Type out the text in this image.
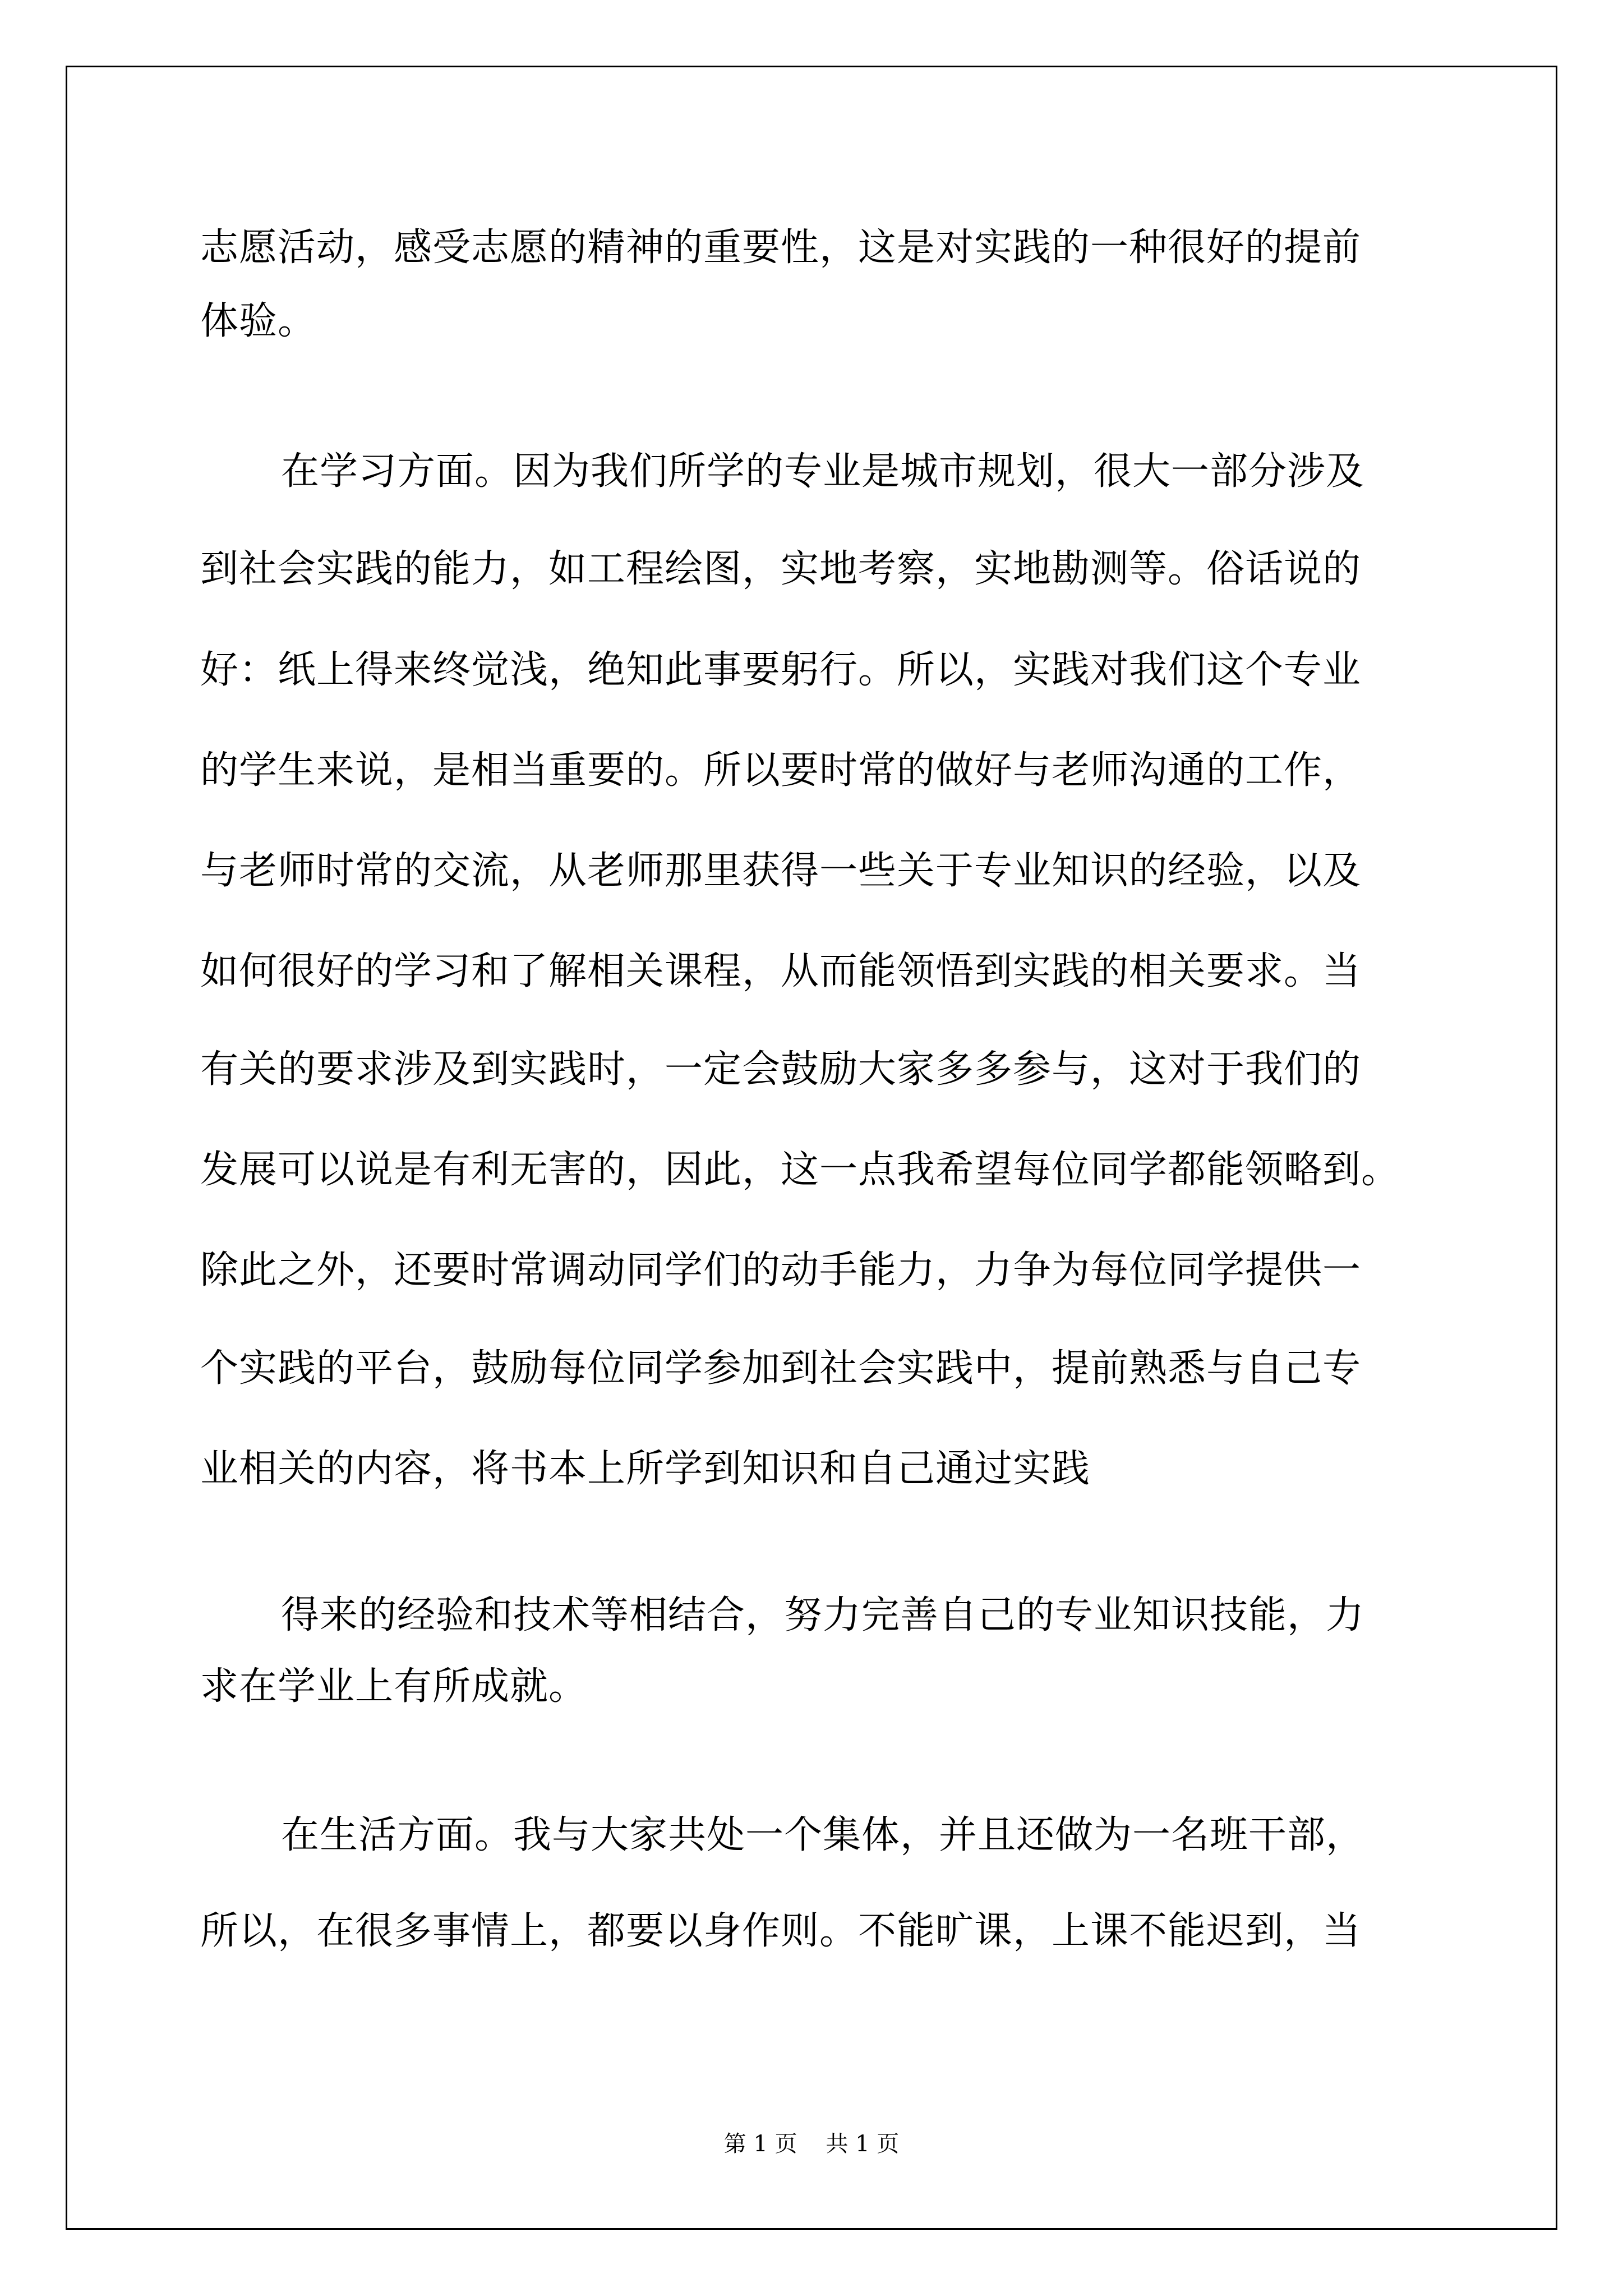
志愿活动，感受志愿的精神的重要性，这是对实践的一种很好的提前
体验。
在学习方面。因为我们所学的专业是城市规划，很大一部分涉及
到社会实践的能力，如工程绘图，实地考察，实地勘测等。俗话说的
好：纸上得来终觉浅，绝知此事要躬行。所以，实践对我们这个专业
的学生来说，是相当重要的。所以要时常的做好与老师沟通的工作，
与老师时常的交流，从老师那里获得一些关于专业知识的经验，以及
如何很好的学习和了解相关课程，从而能领悟到实践的相关要求。当
有关的要求涉及到实践时，一定会鼓励大家多多参与，这对于我们的
发展可以说是有利无害的，因此，这一点我希望每位同学都能领略到。
除此之外，还要时常调动同学们的动手能力，力争为每位同学提供一
个实践的平台，鼓励每位同学参加到社会实践中，提前熟悉与自己专
业相关的内容，将书本上所学到知识和自己通过实践
得来的经验和技术等相结合，努力完善自己的专业知识技能，力
求在学业上有所成就。
在生活方面。我与大家共处一个集体，并且还做为一名班干部，
所以，在很多事情上，都要以身作则。不能旷课，上课不能迟到，当
第 1 页    共 1 页
